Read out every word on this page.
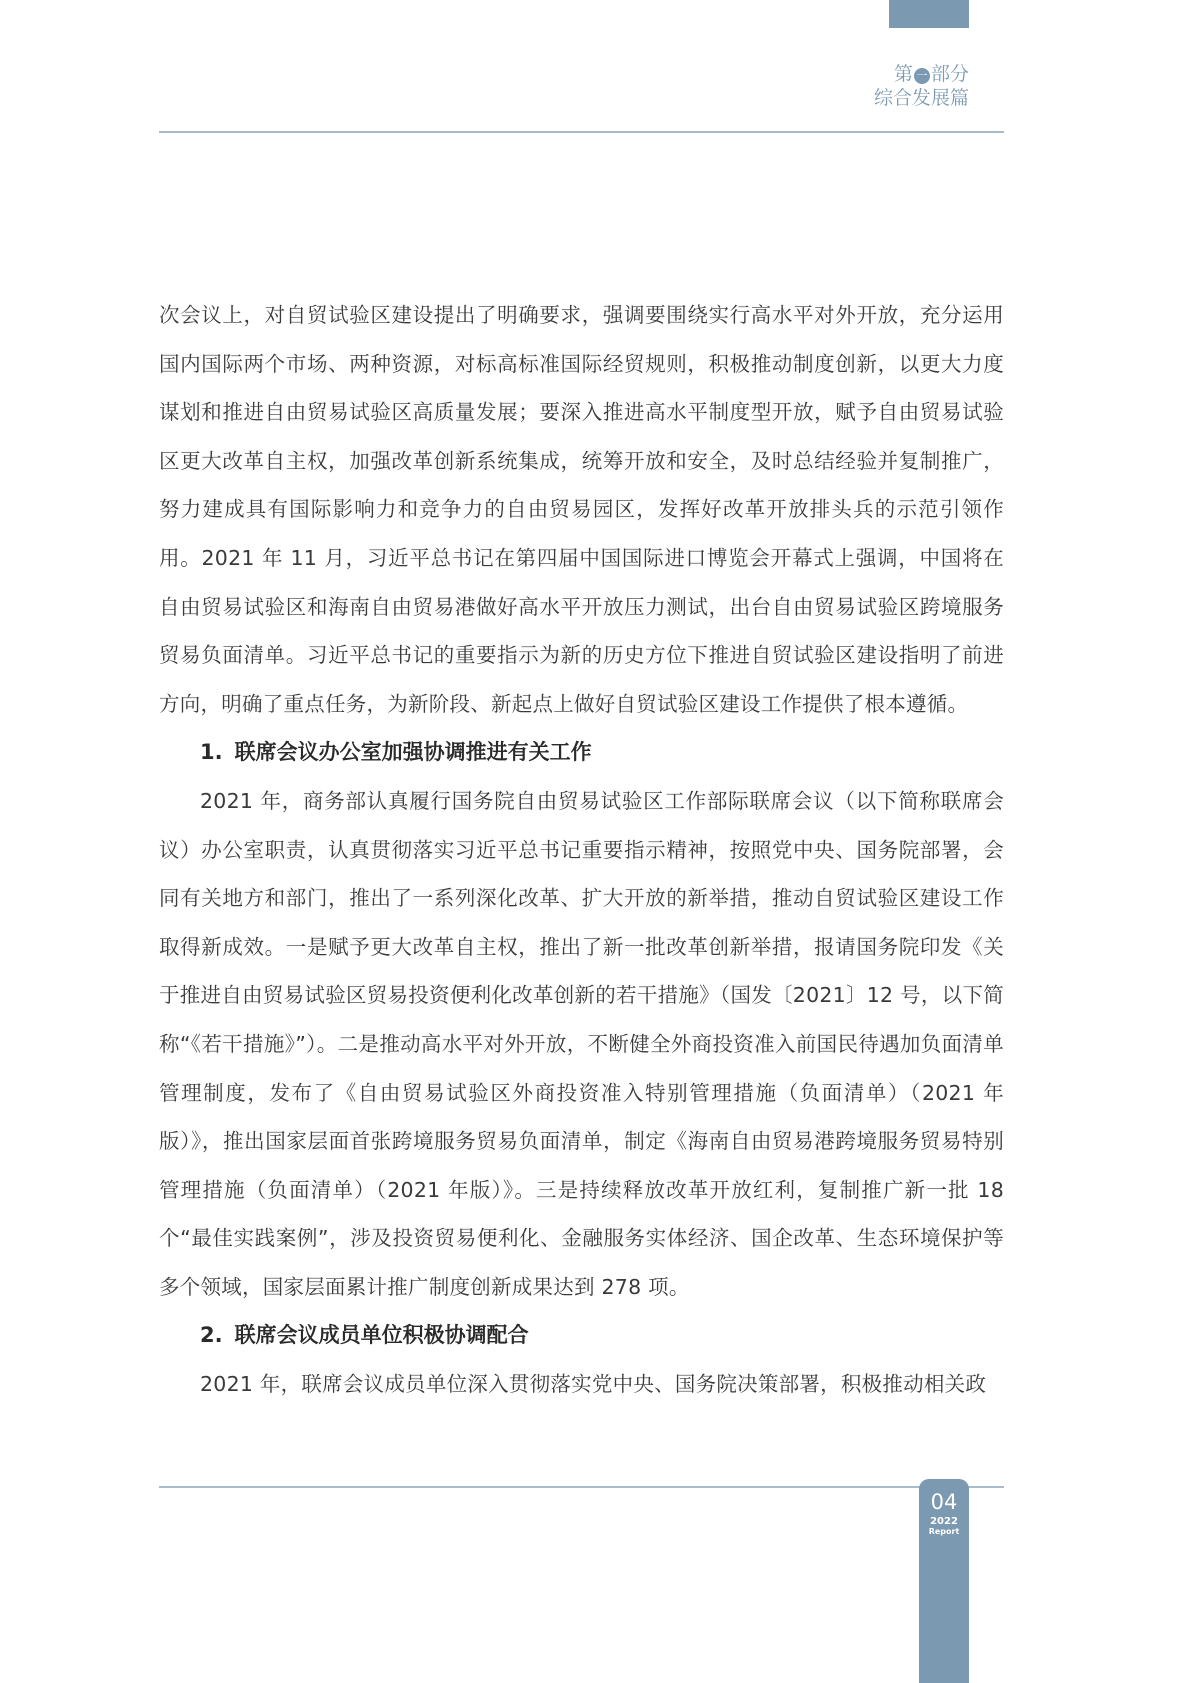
第 一 部分
综合发展篇

次会议上，对自贸试验区建设提出了明确要求，强调要围绕实行高水平对外开放，充分运用国内国际两个市场、两种资源，对标高标准国际经贸规则，积极推动制度创新，以更大力度谋划和推进自由贸易试验区高质量发展；要深入推进高水平制度型开放，赋予自由贸易试验区更大改革自主权，加强改革创新系统集成，统筹开放和安全，及时总结经验并复制推广，努力建成具有国际影响力和竞争力的自由贸易园区，发挥好改革开放排头兵的示范引领作用。2021 年 11 月，习近平总书记在第四届中国国际进口博览会开幕式上强调，中国将在自由贸易试验区和海南自由贸易港做好高水平开放压力测试，出台自由贸易试验区跨境服务贸易负面清单。习近平总书记的重要指示为新的历史方位下推进自贸试验区建设指明了前进方向，明确了重点任务，为新阶段、新起点上做好自贸试验区建设工作提供了根本遵循。

1. 联席会议办公室加强协调推进有关工作

2021 年，商务部认真履行国务院自由贸易试验区工作部际联席会议（以下简称联席会议）办公室职责，认真贯彻落实习近平总书记重要指示精神，按照党中央、国务院部署，会同有关地方和部门，推出了一系列深化改革、扩大开放的新举措，推动自贸试验区建设工作取得新成效。一是赋予更大改革自主权，推出了新一批改革创新举措，报请国务院印发《关于推进自由贸易试验区贸易投资便利化改革创新的若干措施》（国发〔2021〕12 号，以下简称“《若干措施》”）。二是推动高水平对外开放，不断健全外商投资准入前国民待遇加负面清单管理制度，发布了《自由贸易试验区外商投资准入特别管理措施（负面清单）（2021 年版）》，推出国家层面首张跨境服务贸易负面清单，制定《海南自由贸易港跨境服务贸易特别管理措施（负面清单）（2021 年版）》。三是持续释放改革开放红利，复制推广新一批 18 个“最佳实践案例”，涉及投资贸易便利化、金融服务实体经济、国企改革、生态环境保护等多个领域，国家层面累计推广制度创新成果达到 278 项。

2. 联席会议成员单位积极协调配合

2021 年，联席会议成员单位深入贯彻落实党中央、国务院决策部署，积极推动相关政

04
2022
Report
